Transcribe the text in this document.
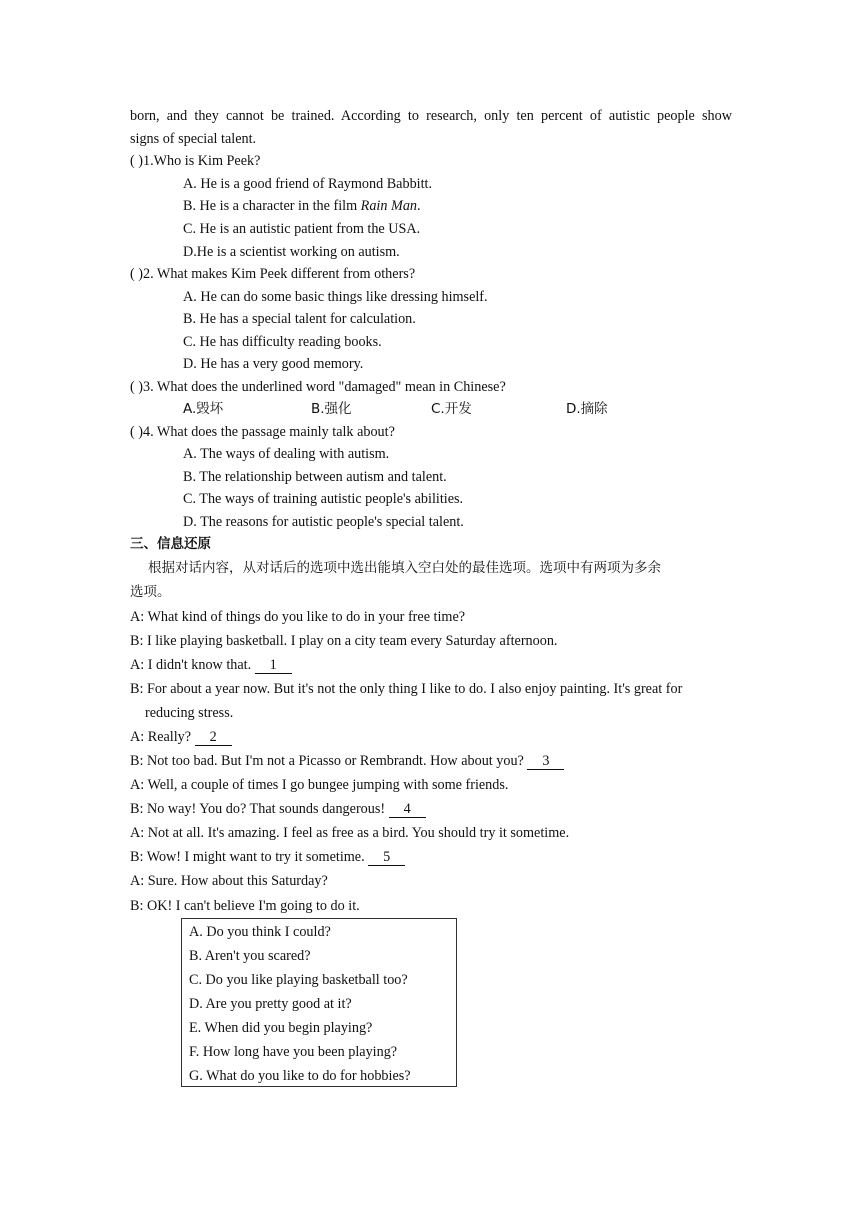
born, and they cannot be trained. According to research, only ten percent of autistic people show
signs of special talent.
( )1.Who is Kim Peek?
A. He is a good friend of Raymond Babbitt.
B. He is a character in the film Rain Man.
C. He is an autistic patient from the USA.
D.He is a scientist working on autism.
( )2. What makes Kim Peek different from others?
A. He can do some basic things like dressing himself.
B. He has a special talent for calculation.
C. He has difficulty reading books.
D. He has a very good memory.
( )3. What does the underlined word "damaged" mean in Chinese?
A.毁坏	B.强化	C.开发	D.摘除
( )4. What does the passage mainly talk about?
A. The ways of dealing with autism.
B. The relationship between autism and talent.
C. The ways of training autistic people's abilities.
D. The reasons for autistic people's special talent.
三、信息还原
根据对话内容，从对话后的选项中选出能填入空白处的最佳选项。选项中有两项为多余
选项。
A: What kind of things do you like to do in your free time?
B: I like playing basketball. I play on a city team every Saturday afternoon.
A: I didn't know that. 1
B: For about a year now. But it's not the only thing I like to do. I also enjoy painting. It's great for
reducing stress.
A: Really? 2
B: Not too bad. But I'm not a Picasso or Rembrandt. How about you? 3
A: Well, a couple of times I go bungee jumping with some friends.
B: No way! You do? That sounds dangerous! 4
A: Not at all. It's amazing. I feel as free as a bird. You should try it sometime.
B: Wow! I might want to try it sometime. 5
A: Sure. How about this Saturday?
B: OK! I can't believe I'm going to do it.
A. Do you think I could?
B. Aren't you scared?
C. Do you like playing basketball too?
D. Are you pretty good at it?
E. When did you begin playing?
F. How long have you been playing?
G. What do you like to do for hobbies?
